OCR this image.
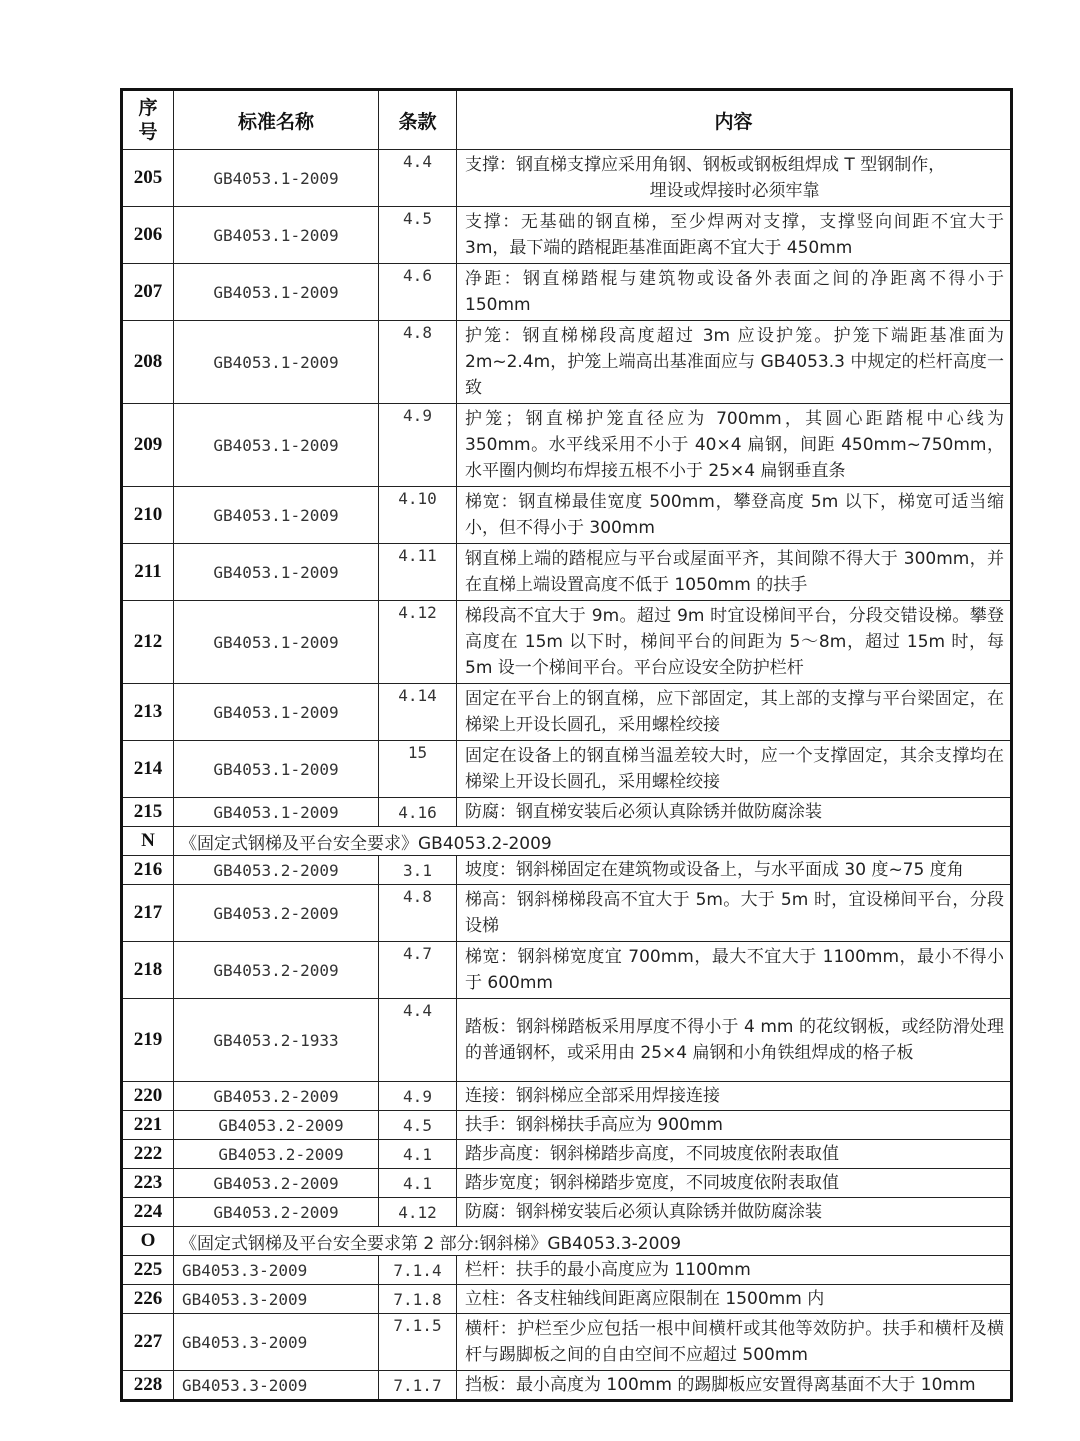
序
号	标准名称	条款	内容
205	GB4053.1-2009	4.4	支撑：钢直梯支撑应采用角钢、钢板或钢板组焊成 T 型钢制作，

埋设或焊接时必须牢靠

206	GB4053.1-2009	4.5	支撑：无基础的钢直梯，至少焊两对支撑，支撑竖向间距不宜大于 3m，最下端的踏棍距基准面距离不宜大于 450mm
207	GB4053.1-2009	4.6	净距：钢直梯踏棍与建筑物或设备外表面之间的净距离不得小于 150mm
208	GB4053.1-2009	4.8	护笼：钢直梯梯段高度超过 3m 应设护笼。护笼下端距基准面为 2m~2.4m，护笼上端高出基准面应与 GB4053.3 中规定的栏杆高度一致
209	GB4053.1-2009	4.9	护笼；钢直梯护笼直径应为 700mm，其圆心距踏棍中心线为 350mm。水平线采用不小于 40×4 扁钢，间距 450mm~750mm，水平圈内侧均布焊接五根不小于 25×4 扁钢垂直条
210	GB4053.1-2009	4.10	梯宽：钢直梯最佳宽度 500mm，攀登高度 5m 以下，梯宽可适当缩小，但不得小于 300mm
211	GB4053.1-2009	4.11	钢直梯上端的踏棍应与平台或屋面平齐，其间隙不得大于 300mm，并在直梯上端设置高度不低于 1050mm 的扶手
212	GB4053.1-2009	4.12	梯段高不宜大于 9m。超过 9m 时宜设梯间平台，分段交错设梯。攀登高度在 15m 以下时，梯间平台的间距为 5～8m，超过 15m 时，每 5m 设一个梯间平台。平台应设安全防护栏杆
213	GB4053.1-2009	4.14	固定在平台上的钢直梯，应下部固定，其上部的支撑与平台梁固定，在梯梁上开设长圆孔，采用螺栓绞接
214	GB4053.1-2009	15	固定在设备上的钢直梯当温差较大时，应一个支撑固定，其余支撑均在梯梁上开设长圆孔，采用螺栓绞接
215	GB4053.1-2009	4.16	防腐：钢直梯安装后必须认真除锈并做防腐涂装
N	《固定式钢梯及平台安全要求》GB4053.2-2009		
216	GB4053.2-2009	3.1	坡度：钢斜梯固定在建筑物或设备上，与水平面成 30 度~75 度角
217	GB4053.2-2009	4.8	梯高：钢斜梯梯段高不宜大于 5m。大于 5m 时，宜设梯间平台，分段设梯
218	GB4053.2-2009	4.7	梯宽：钢斜梯宽度宜 700mm，最大不宜大于 1100mm，最小不得小于 600mm
219	GB4053.2-1933	4.4	踏板：钢斜梯踏板采用厚度不得小于 4 mm 的花纹钢板，或经防滑处理的普通钢杯，或采用由 25×4 扁钢和小角铁组焊成的格子板
220	GB4053.2-2009	4.9	连接：钢斜梯应全部采用焊接连接
221	GB4053.2-2009	4.5	扶手：钢斜梯扶手高应为 900mm
222	GB4053.2-2009	4.1	踏步高度：钢斜梯踏步高度，不同坡度依附表取值
223	GB4053.2-2009	4.1	踏步宽度；钢斜梯踏步宽度，不同坡度依附表取值
224	GB4053.2-2009	4.12	防腐：钢斜梯安装后必须认真除锈并做防腐涂装
O	《固定式钢梯及平台安全要求第 2 部分:钢斜梯》GB4053.3-2009		
225	GB4053.3-2009	7.1.4	栏杆：扶手的最小高度应为 1100mm
226	GB4053.3-2009	7.1.8	立柱：各支柱轴线间距离应限制在 1500mm 内
227	GB4053.3-2009	7.1.5	横杆：护栏至少应包括一根中间横杆或其他等效防护。扶手和横杆及横杆与踢脚板之间的自由空间不应超过 500mm
228	GB4053.3-2009	7.1.7	挡板：最小高度为 100mm 的踢脚板应安置得离基面不大于 10mm
